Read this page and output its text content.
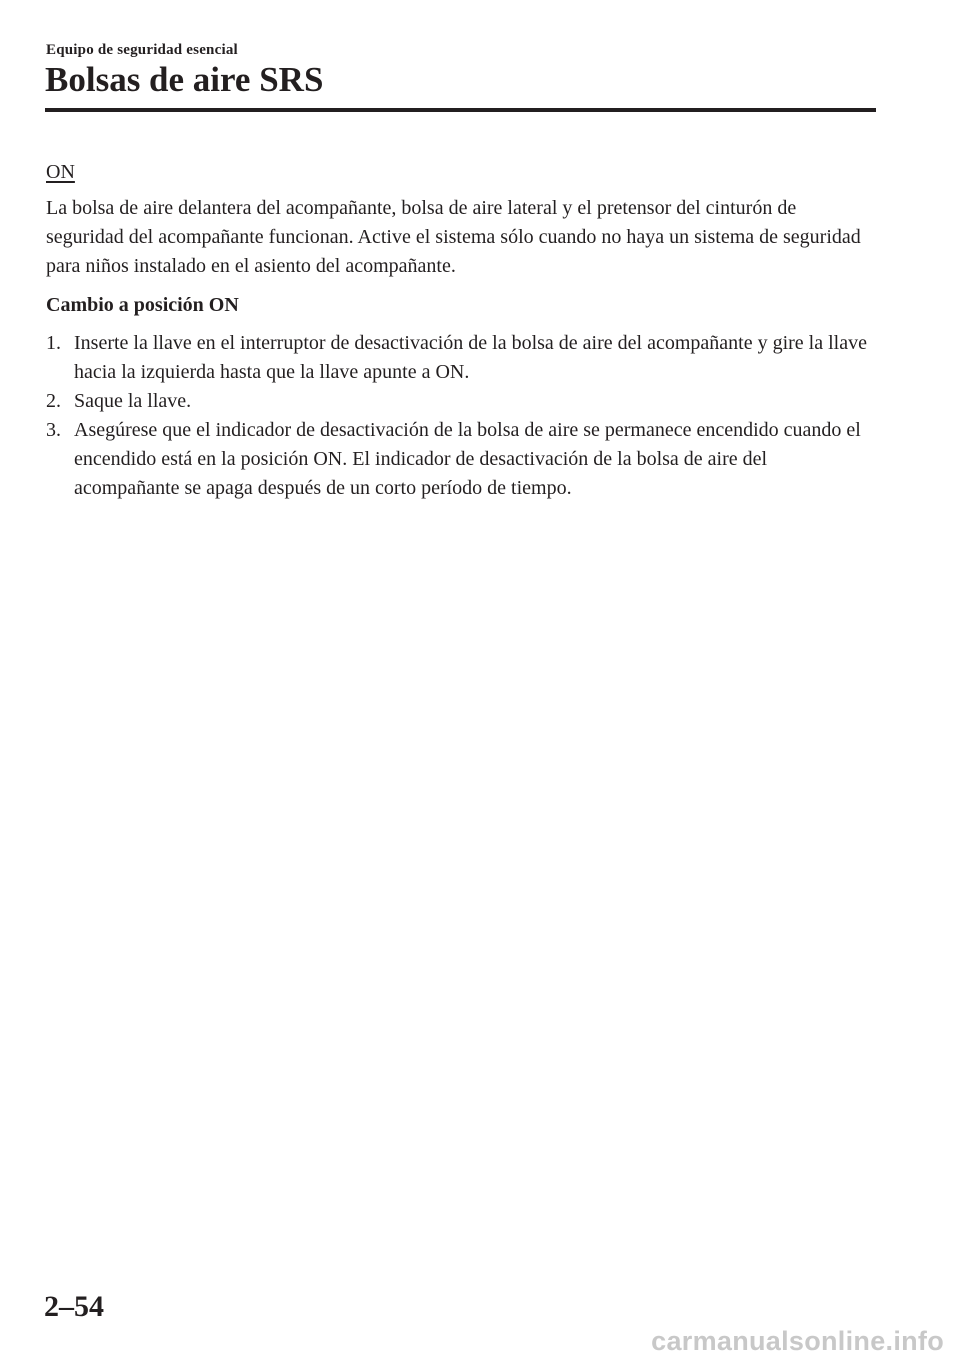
Equipo de seguridad esencial
Bolsas de aire SRS
ON

La bolsa de aire delantera del acompañante, bolsa de aire lateral y el pretensor del cinturón de seguridad del acompañante funcionan. Active el sistema sólo cuando no haya un sistema de seguridad para niños instalado en el asiento del acompañante.

Cambio a posición ON
1. Inserte la llave en el interruptor de desactivación de la bolsa de aire del acompañante y gire la llave hacia la izquierda hasta que la llave apunte a ON.
2. Saque la llave.
3. Asegúrese que el indicador de desactivación de la bolsa de aire se permanece encendido cuando el encendido está en la posición ON. El indicador de desactivación de la bolsa de aire del acompañante se apaga después de un corto período de tiempo.
2–54
carmanualsonline.info
